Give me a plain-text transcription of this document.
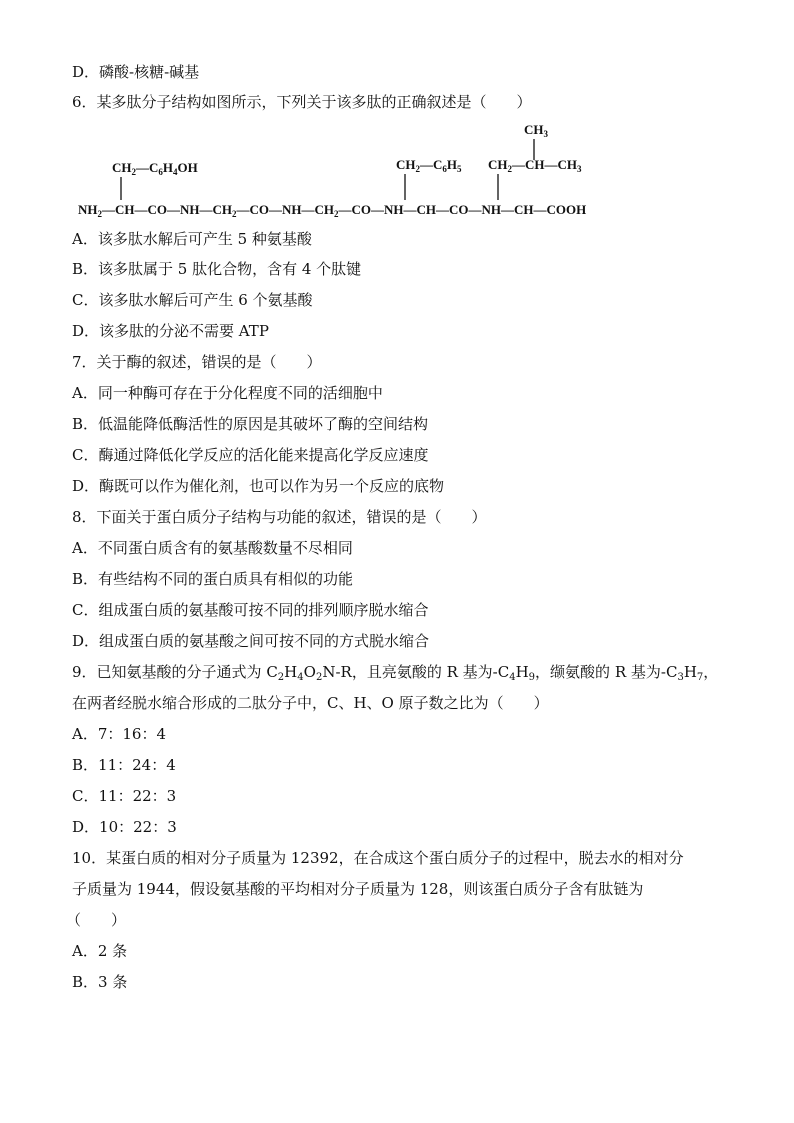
D．磷酸-核糖-碱基
6．某多肽分子结构如图所示，下列关于该多肽的正确叙述是（　　）
$CH_3$
$CH_2—C_6H_4OH$	$CH_2—C_6H_5$ $CH_2—CH—CH_3$
$NH_2—CH—CO—NH—CH_2—CO—NH—CH_2—CO—NH—CH—CO—NH—CH—COOH$
A．该多肽水解后可产生 5 种氨基酸
B．该多肽属于 5 肽化合物，含有 4 个肽键
C．该多肽水解后可产生 6 个氨基酸
D．该多肽的分泌不需要 ATP
7．关于酶的叙述，错误的是（　　）
A．同一种酶可存在于分化程度不同的活细胞中
B．低温能降低酶活性的原因是其破坏了酶的空间结构
C．酶通过降低化学反应的活化能来提高化学反应速度
D．酶既可以作为催化剂，也可以作为另一个反应的底物
8．下面关于蛋白质分子结构与功能的叙述，错误的是（　　）
A．不同蛋白质含有的氨基酸数量不尽相同
B．有些结构不同的蛋白质具有相似的功能
C．组成蛋白质的氨基酸可按不同的排列顺序脱水缩合
D．组成蛋白质的氨基酸之间可按不同的方式脱水缩合
9．已知氨基酸的分子通式为 $C_2H_4O_2N-R$，且亮氨酸的 R 基为$-C_4H_9$，缬氨酸的 R 基为$-C_3H_7$，
在两者经脱水缩合形成的二肽分子中，C、H、O 原子数之比为（　　）
A．7：16：4
B．11：24：4
C．11：22：3
D．10：22：3
10．某蛋白质的相对分子质量为 12392，在合成这个蛋白质分子的过程中，脱去水的相对分
子质量为 1944，假设氨基酸的平均相对分子质量为 128，则该蛋白质分子含有肽链为
（　　）
A．2 条
B．3 条
